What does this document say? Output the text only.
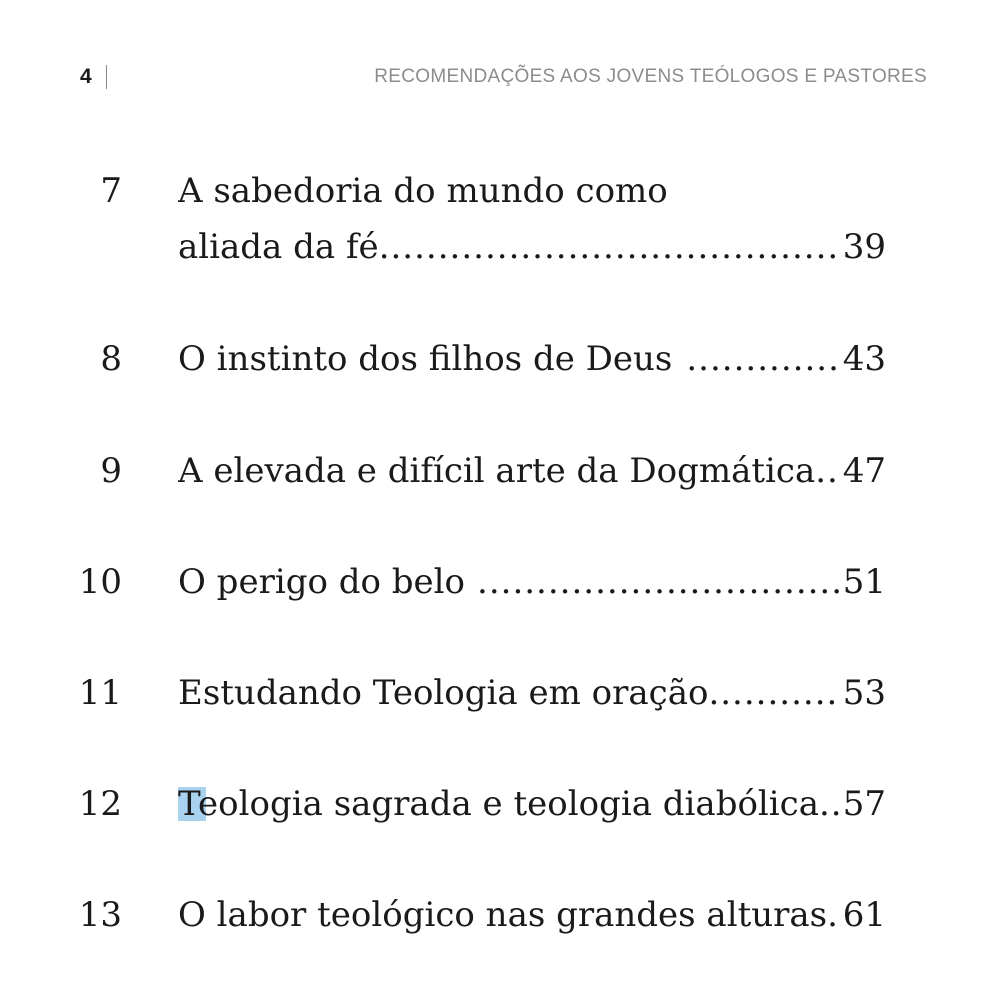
4	RECOMENDAÇÕES AOS JOVENS TEÓLOGOS E PASTORES
7 A sabedoria do mundo como
aliada da fé .....	39
8 O instinto dos filhos de Deus .....	43
9 A elevada e difícil arte da Dogmática ..... 47
10 O perigo do belo .....	51
11 Estudando Teologia em oração .....	53
12 Teologia sagrada e teologia diabólica ..... 57
13 O labor teológico nas grandes alturas ..... 61
